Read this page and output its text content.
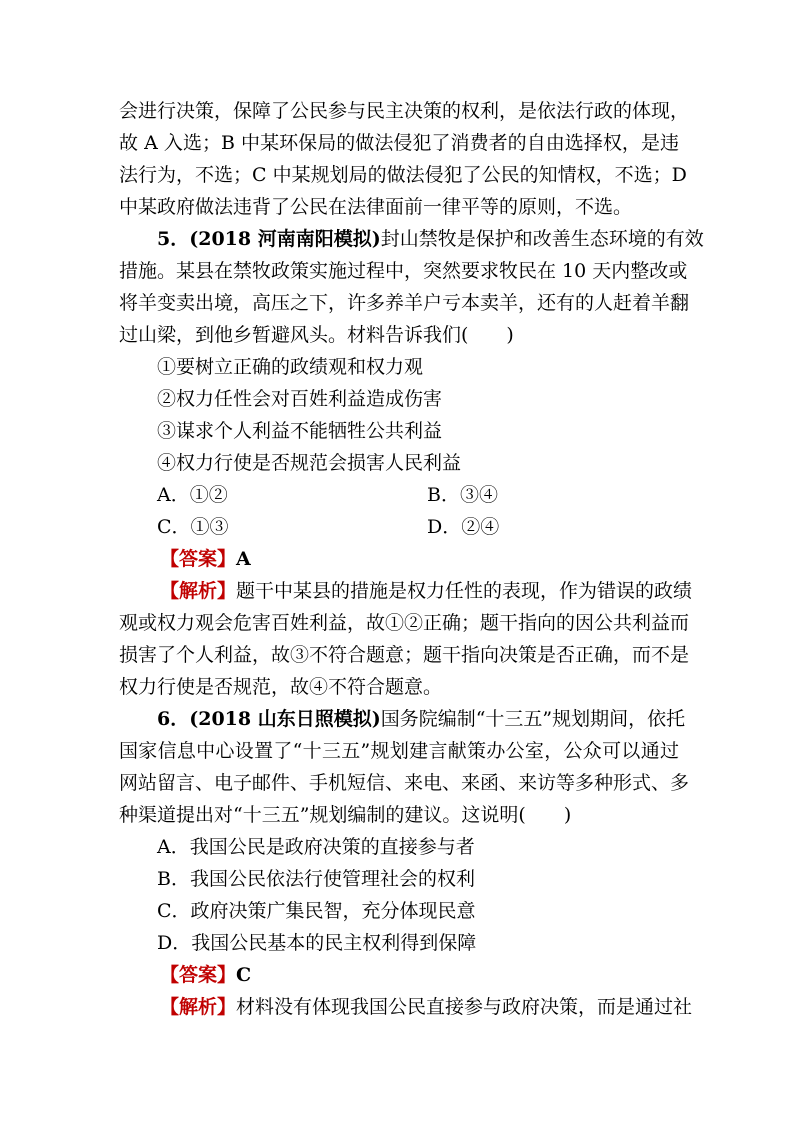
会进行决策，保障了公民参与民主决策的权利，是依法行政的体现，
故 A 入选；B 中某环保局的做法侵犯了消费者的自由选择权，是违
法行为，不选；C 中某规划局的做法侵犯了公民的知情权，不选；D
中某政府做法违背了公民在法律面前一律平等的原则，不选。
5．(2018 河南南阳模拟)封山禁牧是保护和改善生态环境的有效
措施。某县在禁牧政策实施过程中，突然要求牧民在 10 天内整改或
将羊变卖出境，高压之下，许多养羊户亏本卖羊，还有的人赶着羊翻
过山梁，到他乡暂避风头。材料告诉我们(　　)
①要树立正确的政绩观和权力观
②权力任性会对百姓利益造成伤害
③谋求个人利益不能牺牲公共利益
④权力行使是否规范会损害人民利益
A．①②	B．③④
C．①③	D．②④
【答案】A
【解析】题干中某县的措施是权力任性的表现，作为错误的政绩
观或权力观会危害百姓利益，故①②正确；题干指向的因公共利益而
损害了个人利益，故③不符合题意；题干指向决策是否正确，而不是
权力行使是否规范，故④不符合题意。
6．(2018 山东日照模拟)国务院编制“十三五”规划期间，依托
国家信息中心设置了“十三五”规划建言献策办公室，公众可以通过
网站留言、电子邮件、手机短信、来电、来函、来访等多种形式、多
种渠道提出对“十三五”规划编制的建议。这说明(　　)
A．我国公民是政府决策的直接参与者
B．我国公民依法行使管理社会的权利
C．政府决策广集民智，充分体现民意
D．我国公民基本的民主权利得到保障
【答案】C
【解析】材料没有体现我国公民直接参与政府决策，而是通过社
